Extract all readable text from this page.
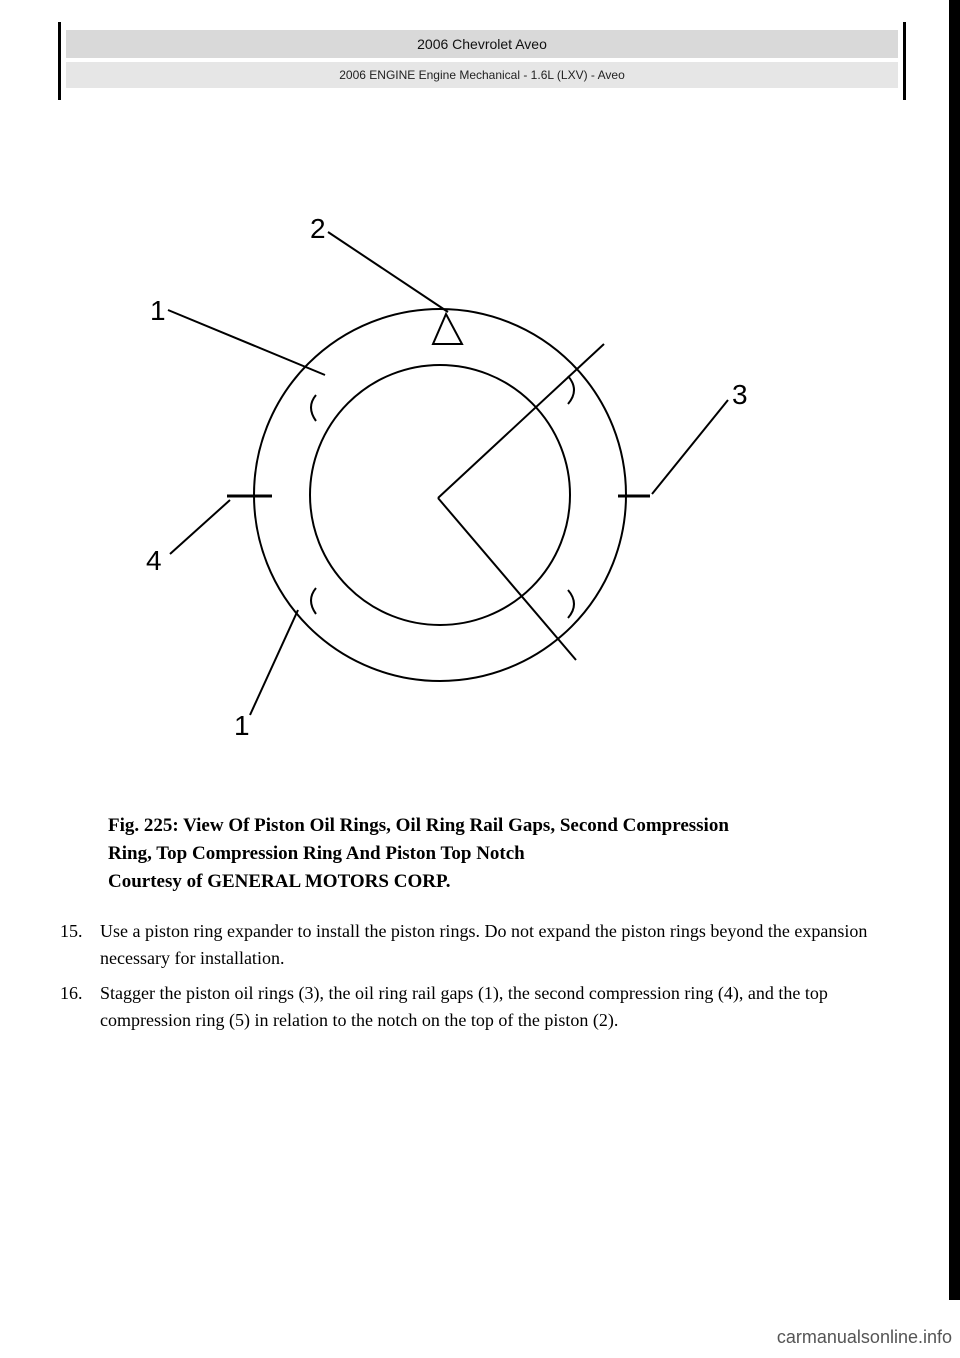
2006 Chevrolet Aveo
2006 ENGINE Engine Mechanical - 1.6L (LXV) - Aveo
1
2
3
4
1
Fig. 225: View Of Piston Oil Rings, Oil Ring Rail Gaps, Second Compression
Ring, Top Compression Ring And Piston Top Notch
Courtesy of GENERAL MOTORS CORP.
15. Use a piston ring expander to install the piston rings. Do not expand the piston rings beyond the expansion necessary for installation.
16. Stagger the piston oil rings (3), the oil ring rail gaps (1), the second compression ring (4), and the top compression ring (5) in relation to the notch on the top of the piston (2).
carmanualsonline.info
